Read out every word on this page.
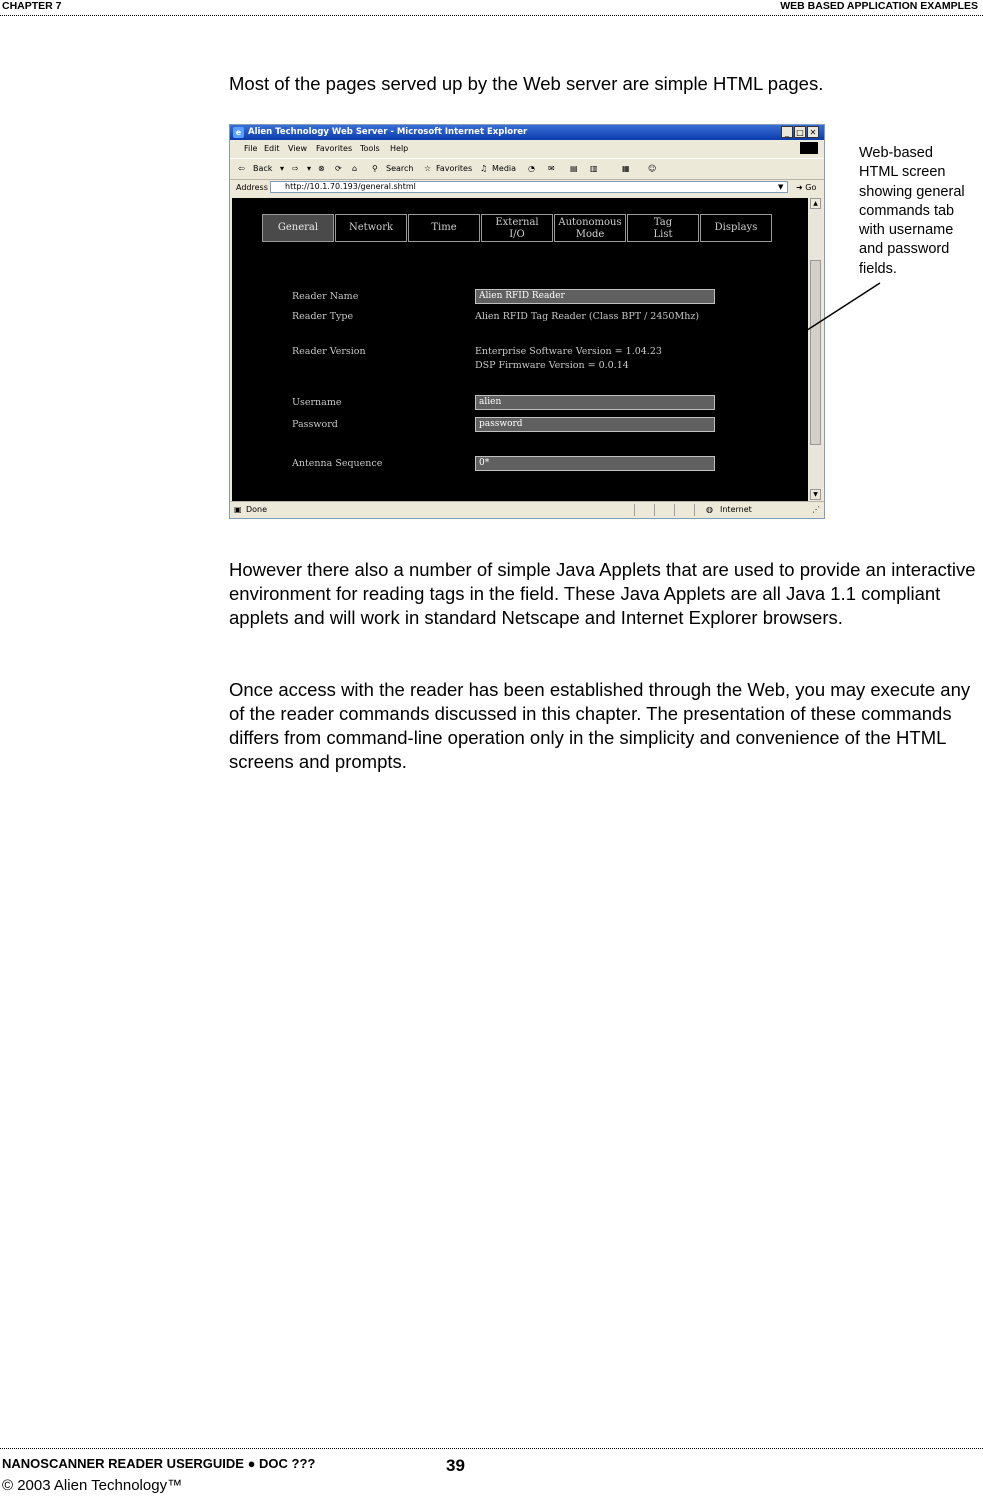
CHAPTER 7	WEB BASED APPLICATION EXAMPLES

Most of the pages served up by the Web server are simple HTML pages.

e Alien Technology Web Server - Microsoft Internet Explorer	_ □ ✕
File Edit View Favorites Tools Help
⇦ Back ▾ ⇨ ▾ ⊗ ⟳ ⌂ ⚲ Search ☆ Favorites ♫ Media ◔ ✉ ▤ ▥	▦ ☺
Address	http://10.1.70.193/general.shtml	▼ ➜ Go
General	Network	Time	External
I/O
Autonomous
Mode
Tag
List
Displays
Reader Name	Alien RFID Reader
Reader Type	Alien RFID Tag Reader (Class BPT / 2450Mhz)
Reader Version	Enterprise Software Version = 1.04.23
DSP Firmware Version = 0.0.14
Username	alien
Password	password
Antenna Sequence	0*
▲
▼
▣ Done	◍ Internet	⋰
Web-based
HTML screen
showing general
commands tab
with username
and password
fields.

However there also a number of simple Java Applets that are used to provide an interactive environment for reading tags in the field. These Java Applets are all Java 1.1 compliant applets and will work in standard Netscape and Internet Explorer browsers.

Once access with the reader has been established through the Web, you may execute any of the reader commands discussed in this chapter. The presentation of these commands differs from command-line operation only in the simplicity and convenience of the HTML screens and prompts.

NANOSCANNER READER USERGUIDE ● DOC ???	39
© 2003 Alien Technology™
